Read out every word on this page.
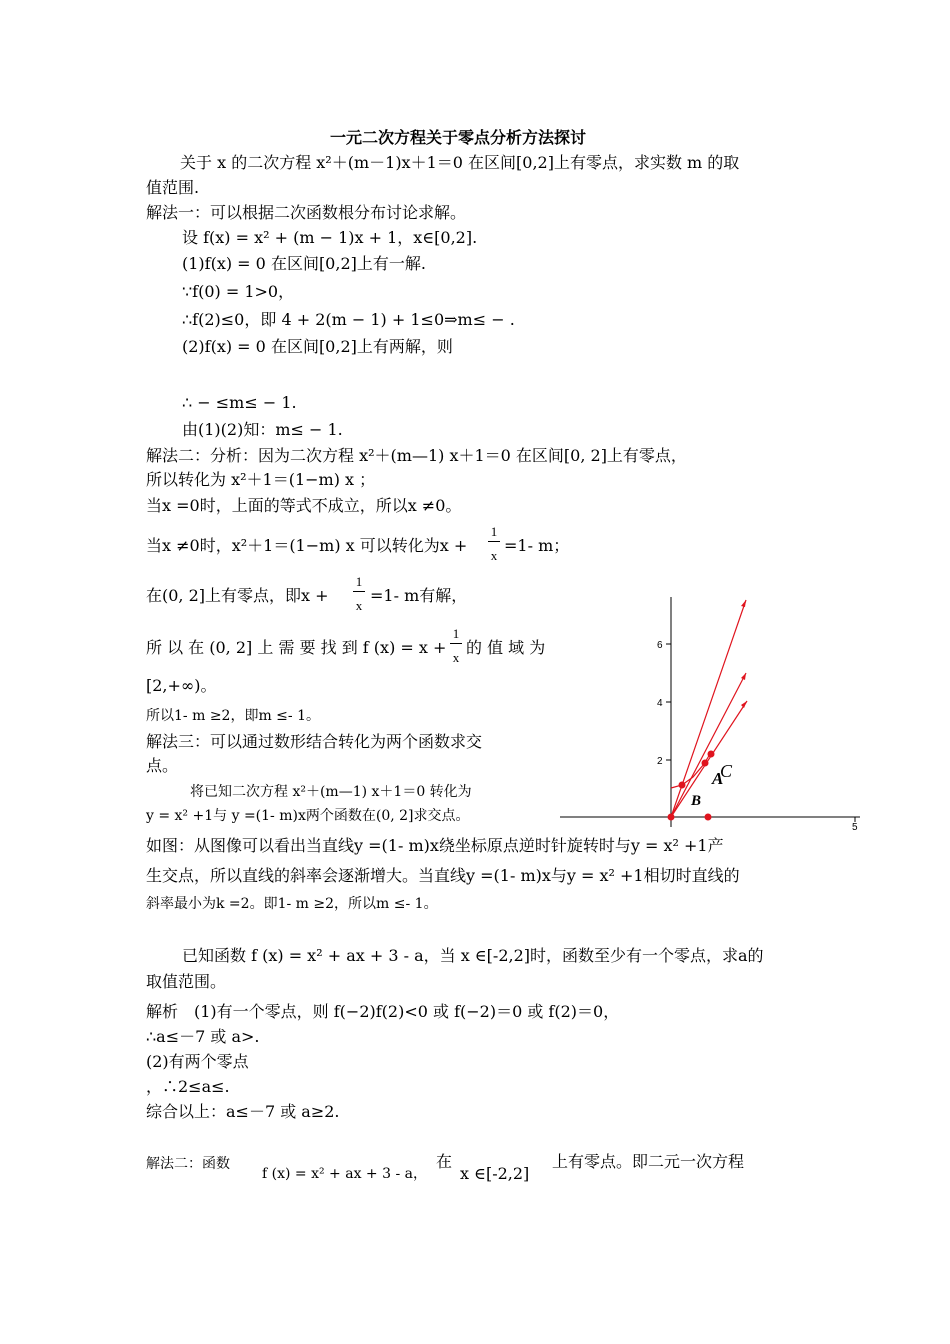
一元二次方程关于零点分析方法探讨
关于 x 的二次方程 x²＋(m－1)x＋1＝0 在区间[0,2]上有零点，求实数 m 的取
值范围.
解法一：可以根据二次函数根分布讨论求解。
设 f(x) = x² + (m − 1)x + 1，x∈[0,2].
(1)f(x) = 0 在区间[0,2]上有一解.
∵f(0) = 1>0，
∴f(2)≤0，即 4 + 2(m − 1) + 1≤0⇒m≤ − .
(2)f(x) = 0 在区间[0,2]上有两解，则
∴ − ≤m≤ − 1.
由(1)(2)知：m≤ − 1.
解法二：分析：因为二次方程 x²＋(m—1) x＋1＝0 在区间[0, 2]上有零点，
所以转化为 x²＋1＝(1−m) x ；
当x =0时，上面的等式不成立，所以x ≠0。
当x ≠0时，x²＋1＝(1−m) x 可以转化为x +
1
x
=1- m；
在(0, 2]上有零点，即x +
1
x
=1- m有解，
所 以 在 (0, 2] 上 需 要 找 到 f (x) = x +
1
x
的 值 域 为
[2,+∞)。
所以1- m ≥2，即m ≤- 1。
解法三：可以通过数形结合转化为两个函数求交
点。
将已知二次方程 x²＋(m—1) x＋1＝0 转化为
y = x² +1与 y =(1- m)x两个函数在(0, 2]求交点。
2
4
6
5
A
B
C
如图：从图像可以看出当直线y =(1- m)x绕坐标原点逆时针旋转时与y = x² +1产
生交点，所以直线的斜率会逐渐增大。当直线y =(1- m)x与y = x² +1相切时直线的
斜率最小为k =2。即1- m ≥2，所以m ≤- 1。
已知函数 f (x) = x² + ax + 3 - a，当 x ∈[-2,2]时，函数至少有一个零点，求a的
取值范围。
解析　(1)有一个零点，则 f(−2)f(2)<0 或 f(−2)＝0 或 f(2)＝0，
∴a≤－7 或 a>.
(2)有两个零点
，∴2≤a≤.
综合以上：a≤－7 或 a≥2.
解法二：函数
f (x) = x² + ax + 3 - a，
在
x ∈[-2,2]
上有零点。即二元一次方程
